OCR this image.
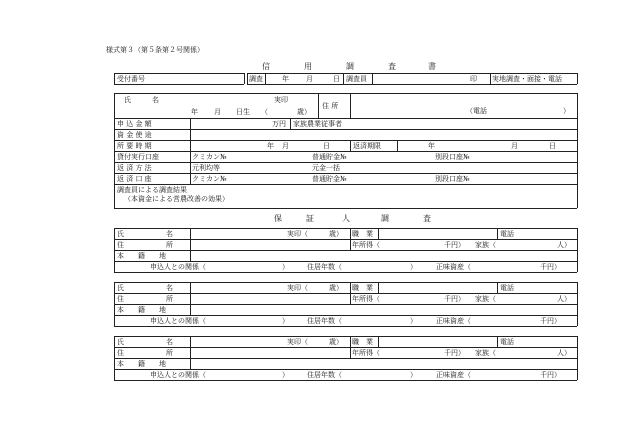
様式第３（第５条第２号関係）
信	用	調	査	書
受付番号	調査	年 月	日 調査員	印 実地調査・面接・電話
氏　　　名	実印
年 月 日生 （	歳）
住 所
（電話	）
申 込 金 額	万円 家族農業従事者
資 金 使 途
所 要 時 期	年 月	日	返済期限	年	月	日
貸付実行口座	クミカン№	普通貯金№	別段口座№
返 済 方 法	元利均等	元金一括
返 済 口 座	クミカン№	普通貯金№	別段口座№
調査員による調査結果
（本資金による営農改善の効果）
保	証	人	調	査
氏　　　　　　名	実印（	歳） 職　業	電話
住　　　　　　所	年所得（	千円） 家族（	人）
本　　籍　　地
申込人との関係（	）	住居年数（	）	正味資産（	千円）
氏　　　　　　名	実印（	歳） 職　業	電話
住　　　　　　所	年所得（	千円） 家族（	人）
本　　籍　　地
申込人との関係（	）	住居年数（	）	正味資産（	千円）
氏　　　　　　名	実印（	歳） 職　業	電話
住　　　　　　所	年所得（	千円） 家族（	人）
本　　籍　　地
申込人との関係（	）	住居年数（	）	正味資産（	千円）
